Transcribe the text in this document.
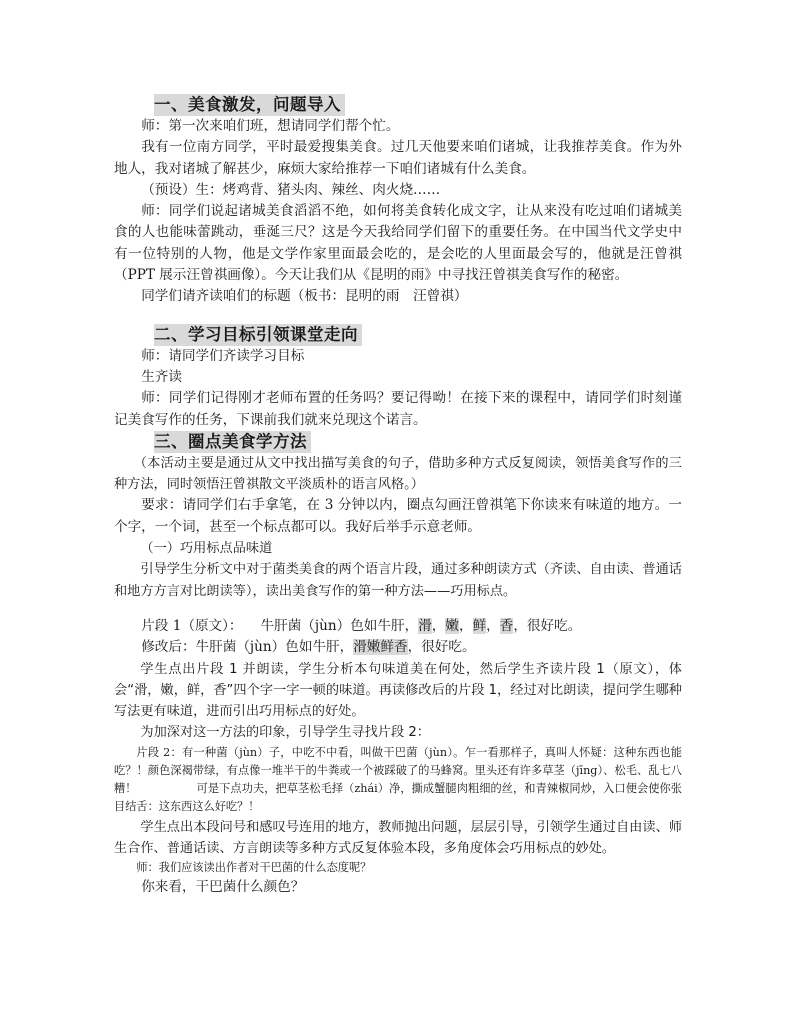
一、美食激发，问题导入

师：第一次来咱们班，想请同学们帮个忙。

我有一位南方同学，平时最爱搜集美食。过几天他要来咱们诸城，让我推荐美食。作为外地人，我对诸城了解甚少，麻烦大家给推荐一下咱们诸城有什么美食。

（预设）生：烤鸡背、猪头肉、辣丝、肉火烧……

师：同学们说起诸城美食滔滔不绝，如何将美食转化成文字，让从来没有吃过咱们诸城美食的人也能味蕾跳动，垂涎三尺？这是今天我给同学们留下的重要任务。在中国当代文学史中有一位特别的人物，他是文学作家里面最会吃的，是会吃的人里面最会写的，他就是汪曾祺（PPT 展示汪曾祺画像）。今天让我们从《昆明的雨》中寻找汪曾祺美食写作的秘密。

同学们请齐读咱们的标题（板书：昆明的雨　汪曾祺）

二、学习目标引领课堂走向

师：请同学们齐读学习目标

生齐读

师：同学们记得刚才老师布置的任务吗？要记得呦！在接下来的课程中，请同学们时刻谨记美食写作的任务，下课前我们就来兑现这个诺言。

三、圈点美食学方法

（本活动主要是通过从文中找出描写美食的句子，借助多种方式反复阅读，领悟美食写作的三种方法，同时领悟汪曾祺散文平淡质朴的语言风格。）

要求：请同学们右手拿笔，在 3 分钟以内，圈点勾画汪曾祺笔下你读来有味道的地方。一个字，一个词，甚至一个标点都可以。我好后举手示意老师。

（一）巧用标点品味道

引导学生分析文中对于菌类美食的两个语言片段，通过多种朗读方式（齐读、自由读、普通话和地方方言对比朗读等），读出美食写作的第一种方法——巧用标点。

片段 1（原文）： 牛肝菌（jùn）色如牛肝，滑，嫩，鲜，香，很好吃。

修改后：牛肝菌（jùn）色如牛肝，滑嫩鲜香，很好吃。

学生点出片段 1 并朗读，学生分析本句味道美在何处，然后学生齐读片段 1（原文），体会“滑，嫩，鲜，香”四个字一字一顿的味道。再读修改后的片段 1，经过对比朗读，提问学生哪种写法更有味道，进而引出巧用标点的好处。

为加深对这一方法的印象，引导学生寻找片段 2：

片段 2：有一种菌（jùn）子，中吃不中看，叫做干巴菌（jùn）。乍一看那样子，真叫人怀疑：这种东西也能吃？！颜色深褐带绿，有点像一堆半干的牛粪或一个被踩破了的马蜂窝。里头还有许多草茎（jīng）、松毛、乱七八糟！	可是下点功夫，把草茎松毛择（zhái）净，撕成蟹腿肉粗细的丝，和青辣椒同炒，入口便会使你张目结舌：这东西这么好吃？！

学生点出本段问号和感叹号连用的地方，教师抛出问题，层层引导，引领学生通过自由读、师生合作、普通话读、方言朗读等多种方式反复体验本段，多角度体会巧用标点的妙处。

师：我们应该读出作者对干巴菌的什么态度呢？

你来看，干巴菌什么颜色？
